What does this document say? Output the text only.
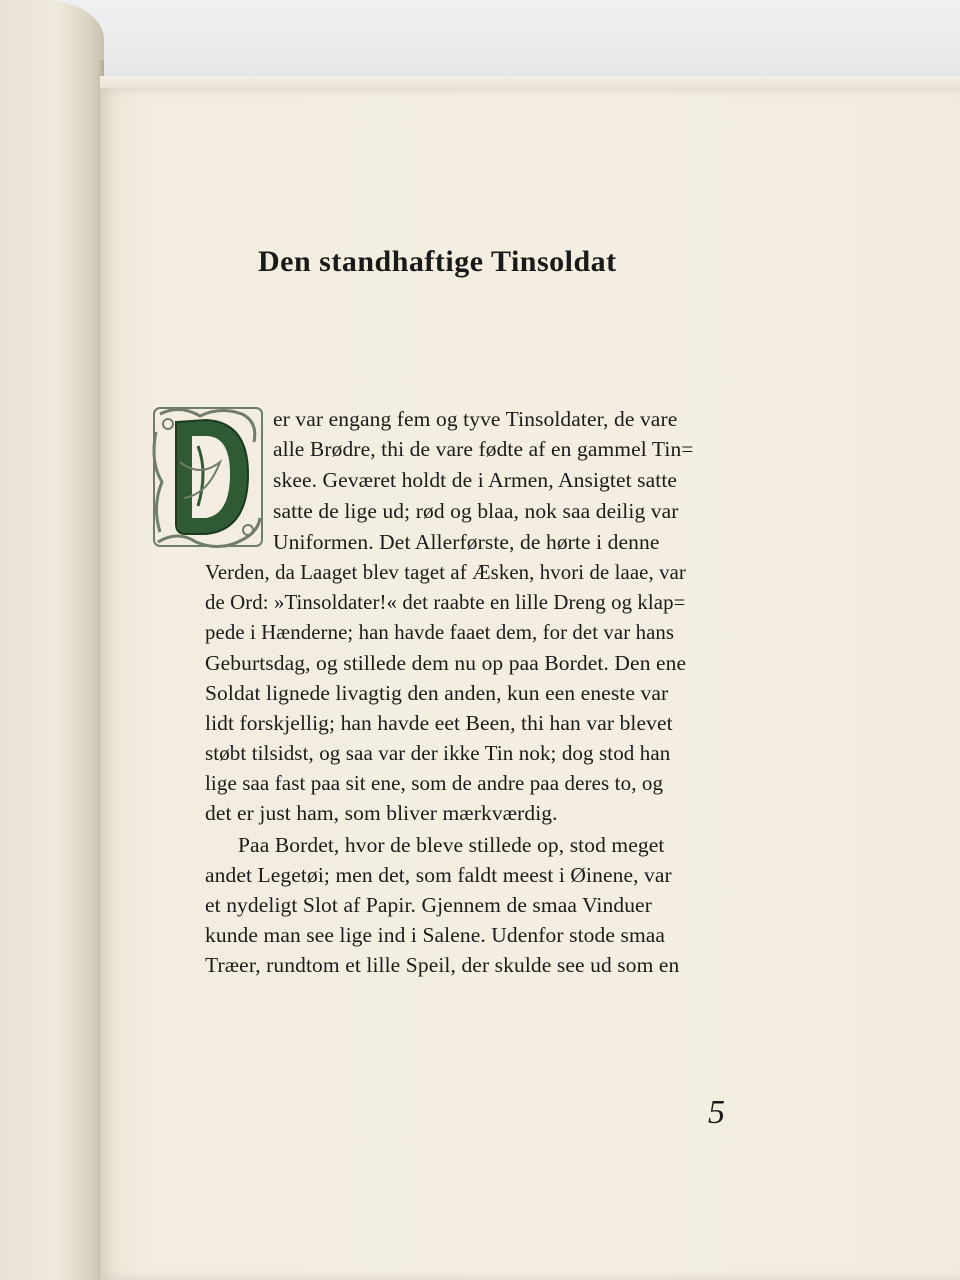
Den standhaftige Tinsoldat
er var engang fem og tyve Tinsoldater, de vare
alle Brødre, thi de vare fødte af en gammel Tin=
skee. Geværet holdt de i Armen, Ansigtet satte
satte de lige ud; rød og blaa, nok saa deilig var
Uniformen. Det Allerførste, de hørte i denne
Verden, da Laaget blev taget af Æsken, hvori de laae, var
de Ord: »Tinsoldater!« det raabte en lille Dreng og klap=
pede i Hænderne; han havde faaet dem, for det var hans
Geburtsdag, og stillede dem nu op paa Bordet. Den ene
Soldat lignede livagtig den anden, kun een eneste var
lidt forskjellig; han havde eet Been, thi han var blevet
støbt tilsidst, og saa var der ikke Tin nok; dog stod han
lige saa fast paa sit ene, som de andre paa deres to, og
det er just ham, som bliver mærkværdig.
Paa Bordet, hvor de bleve stillede op, stod meget
andet Legetøi; men det, som faldt meest i Øinene, var
et nydeligt Slot af Papir. Gjennem de smaa Vinduer
kunde man see lige ind i Salene. Udenfor stode smaa
Træer, rundtom et lille Speil, der skulde see ud som en
5
